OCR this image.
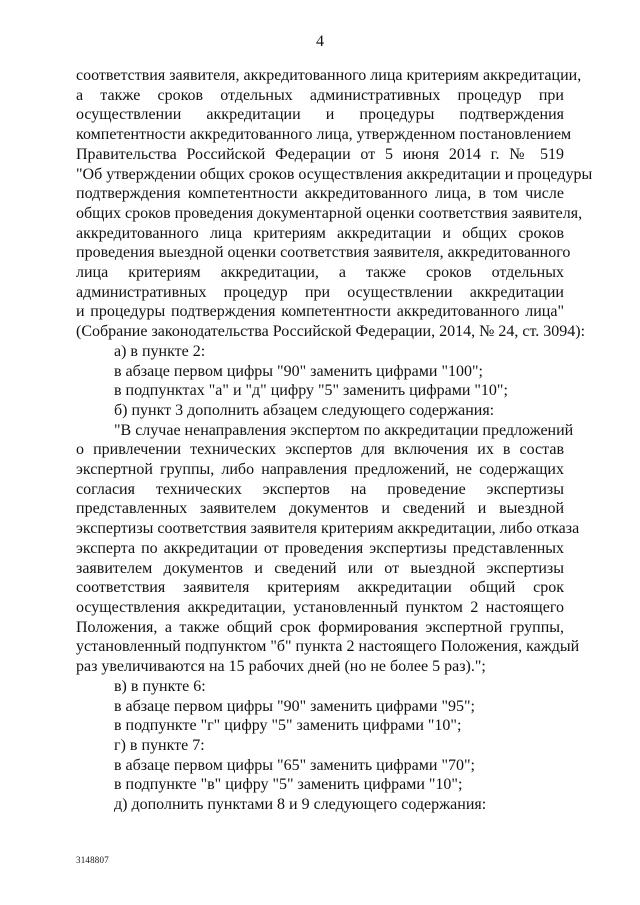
4
соответствия заявителя, аккредитованного лица критериям аккредитации,
а также сроков отдельных административных процедур при
осуществлении аккредитации и процедуры подтверждения
компетентности аккредитованного лица, утвержденном постановлением
Правительства Российской Федерации от 5 июня 2014 г. № 519
"Об утверждении общих сроков осуществления аккредитации и процедуры
подтверждения компетентности аккредитованного лица, в том числе
общих сроков проведения документарной оценки соответствия заявителя,
аккредитованного лица критериям аккредитации и общих сроков
проведения выездной оценки соответствия заявителя, аккредитованного
лица критериям аккредитации, а также сроков отдельных
административных процедур при осуществлении аккредитации
и процедуры подтверждения компетентности аккредитованного лица"
(Собрание законодательства Российской Федерации, 2014, № 24, ст. 3094):
а) в пункте 2:
в абзаце первом цифры "90" заменить цифрами "100";
в подпунктах "а" и "д" цифру "5" заменить цифрами "10";
б) пункт 3 дополнить абзацем следующего содержания:
"В случае ненаправления экспертом по аккредитации предложений
о привлечении технических экспертов для включения их в состав
экспертной группы, либо направления предложений, не содержащих
согласия технических экспертов на проведение экспертизы
представленных заявителем документов и сведений и выездной
экспертизы соответствия заявителя критериям аккредитации, либо отказа
эксперта по аккредитации от проведения экспертизы представленных
заявителем документов и сведений или от выездной экспертизы
соответствия заявителя критериям аккредитации общий срок
осуществления аккредитации, установленный пунктом 2 настоящего
Положения, а также общий срок формирования экспертной группы,
установленный подпунктом "б" пункта 2 настоящего Положения, каждый
раз увеличиваются на 15 рабочих дней (но не более 5 раз).";
в) в пункте 6:
в абзаце первом цифры "90" заменить цифрами "95";
в подпункте "г" цифру "5" заменить цифрами "10";
г) в пункте 7:
в абзаце первом цифры "65" заменить цифрами "70";
в подпункте "в" цифру "5" заменить цифрами "10";
д) дополнить пунктами 8 и 9 следующего содержания:
3148807
